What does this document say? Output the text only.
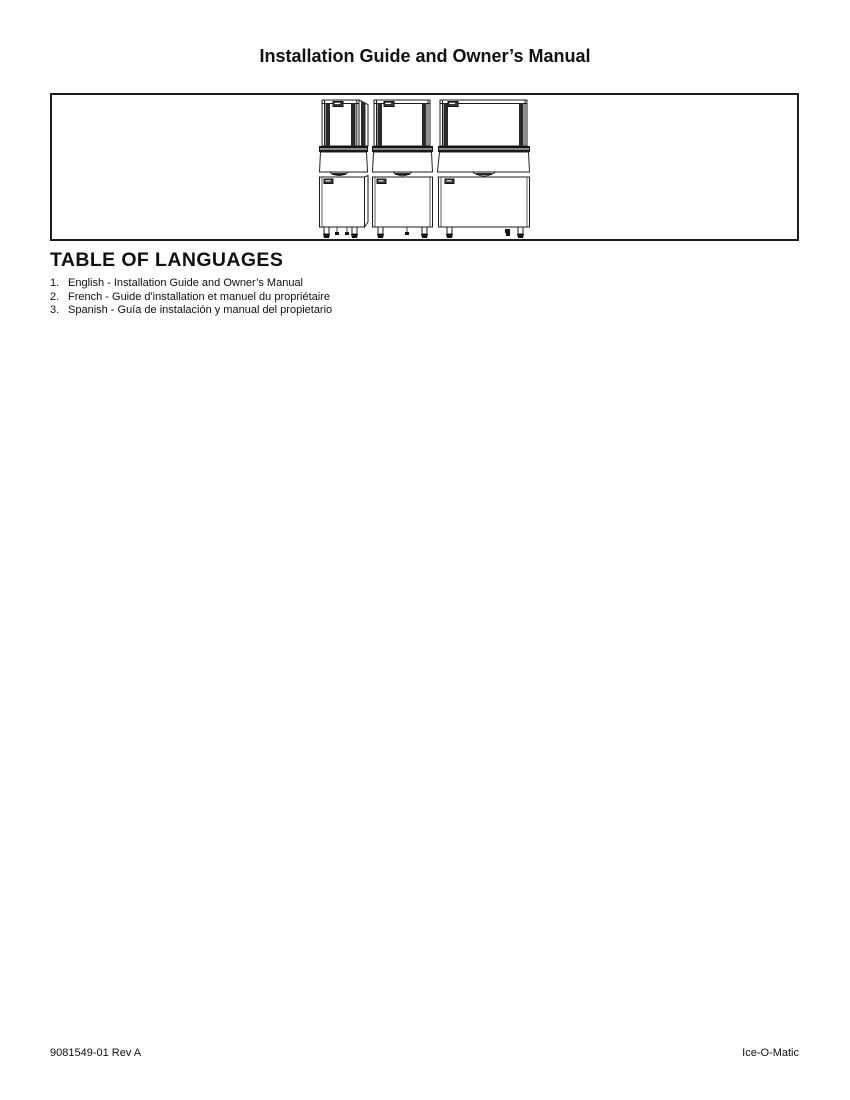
Installation Guide and Owner’s Manual
TABLE OF LANGUAGES
1. English - Installation Guide and Owner’s Manual
2. French - Guide d'installation et manuel du propriétaire
3. Spanish - Guía de instalación y manual del propietario
9081549-01 Rev A	Ice-O-Matic
